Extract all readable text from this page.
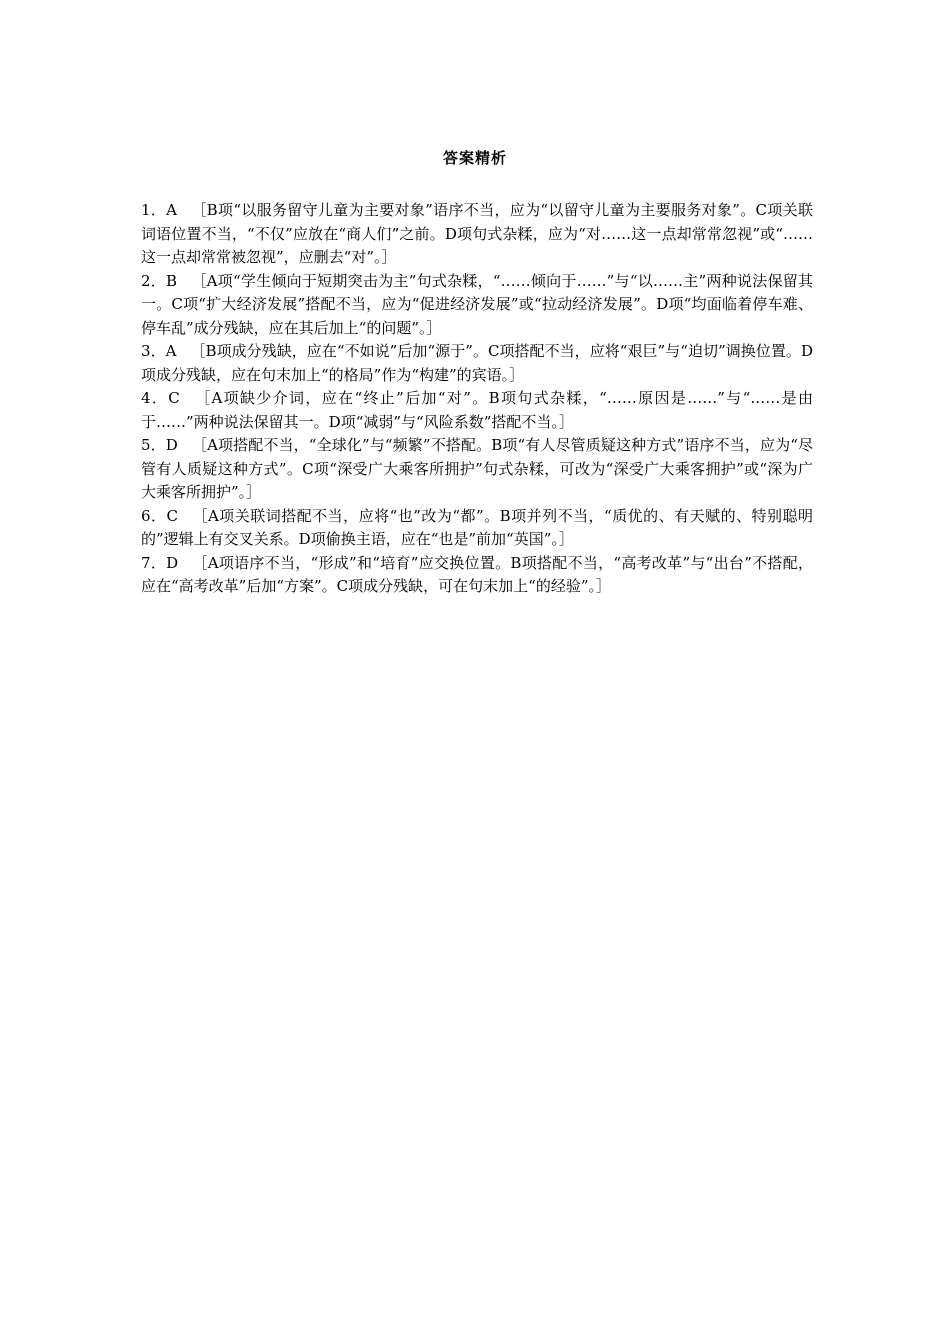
答案精析

1．A ［B项“以服务留守儿童为主要对象”语序不当，应为“以留守儿童为主要服务对象”。C项关联词语位置不当，“不仅”应放在“商人们”之前。D项句式杂糅，应为“对……这一点却常常忽视”或“……这一点却常常被忽视”，应删去“对”。］

2．B ［A项“学生倾向于短期突击为主”句式杂糅，“……倾向于……”与“以……主”两种说法保留其一。C项“扩大经济发展”搭配不当，应为“促进经济发展”或“拉动经济发展”。D项“均面临着停车难、停车乱”成分残缺，应在其后加上“的问题”。］

3．A ［B项成分残缺，应在“不如说”后加“源于”。C项搭配不当，应将“艰巨”与“迫切”调换位置。D项成分残缺，应在句末加上“的格局”作为“构建”的宾语。］

4．C ［A项缺少介词，应在“终止”后加“对”。B项句式杂糅，“……原因是……”与“……是由于……”两种说法保留其一。D项“减弱”与“风险系数”搭配不当。］

5．D ［A项搭配不当，“全球化”与“频繁”不搭配。B项“有人尽管质疑这种方式”语序不当，应为“尽管有人质疑这种方式”。C项“深受广大乘客所拥护”句式杂糅，可改为“深受广大乘客拥护”或“深为广大乘客所拥护”。］

6．C ［A项关联词搭配不当，应将“也”改为“都”。B项并列不当，“质优的、有天赋的、特别聪明的”逻辑上有交叉关系。D项偷换主语，应在“也是”前加“英国”。］

7．D ［A项语序不当，“形成”和“培育”应交换位置。B项搭配不当，“高考改革”与“出台”不搭配，应在“高考改革”后加“方案”。C项成分残缺，可在句末加上“的经验”。］
